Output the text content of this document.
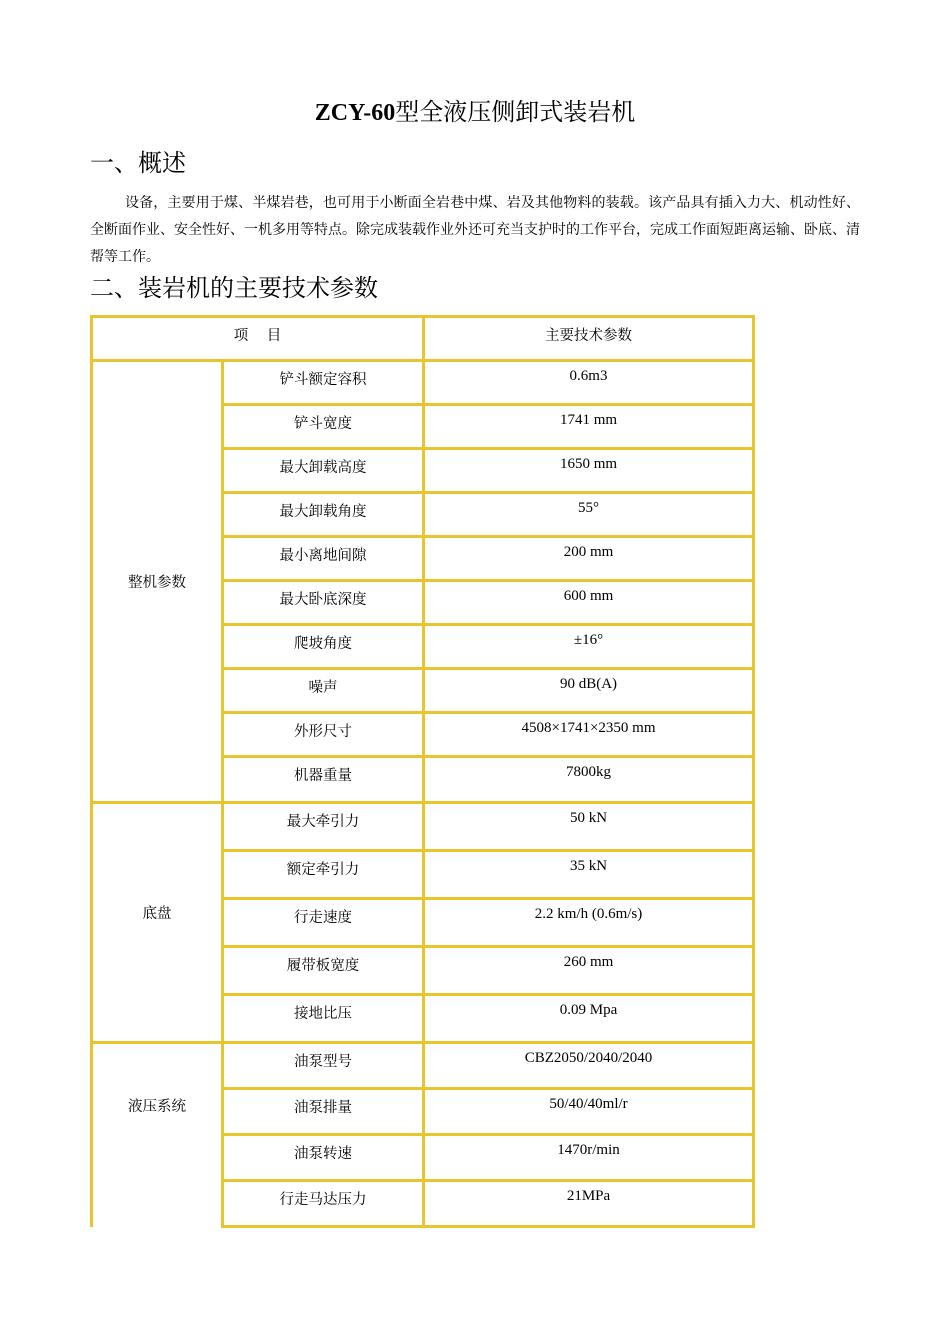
ZCY-60型全液压侧卸式装岩机
一、概述
设备，主要用于煤、半煤岩巷，也可用于小断面全岩巷中煤、岩及其他物料的装载。该产品具有插入力大、机动性好、全断面作业、安全性好、一机多用等特点。除完成装载作业外还可充当支护时的工作平台，完成工作面短距离运输、卧底、清帮等工作。
二、装岩机的主要技术参数
项    目		主要技术参数
整机参数	铲斗额定容积	0.6m3
	铲斗宽度	1741 mm
	最大卸载高度	1650 mm
	最大卸载角度	55°
	最小离地间隙	200 mm
	最大卧底深度	600 mm
	爬坡角度	±16°
	噪声	90 dB(A)
	外形尺寸	4508×1741×2350 mm
	机器重量	7800kg
底盘	最大牵引力	50 kN
	额定牵引力	35 kN
	行走速度	2.2 km/h (0.6m/s)
	履带板宽度	260 mm
	接地比压	0.09 Mpa
液压系统	油泵型号	CBZ2050/2040/2040
	油泵排量	50/40/40ml/r
	油泵转速	1470r/min
	行走马达压力	21MPa
